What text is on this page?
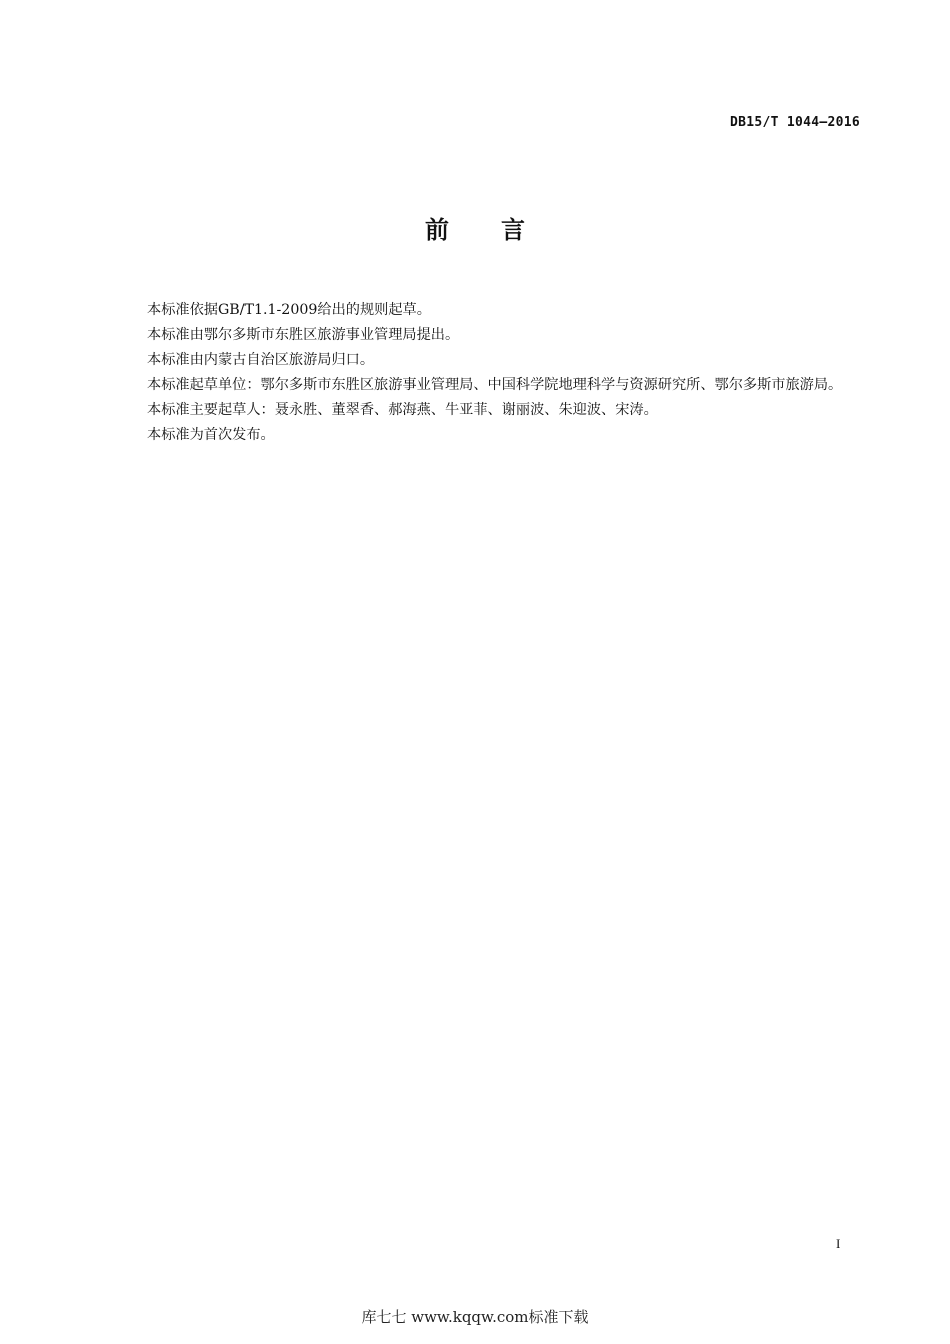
DB15/T 1044—2016
前 言

本标准依据GB/T1.1-2009给出的规则起草。

本标准由鄂尔多斯市东胜区旅游事业管理局提出。

本标准由内蒙古自治区旅游局归口。

本标准起草单位：鄂尔多斯市东胜区旅游事业管理局、中国科学院地理科学与资源研究所、鄂尔多斯市旅游局。

本标准主要起草人：聂永胜、董翠香、郝海燕、牛亚菲、谢丽波、朱迎波、宋涛。

本标准为首次发布。

I
库七七 www.kqqw.com标准下载
